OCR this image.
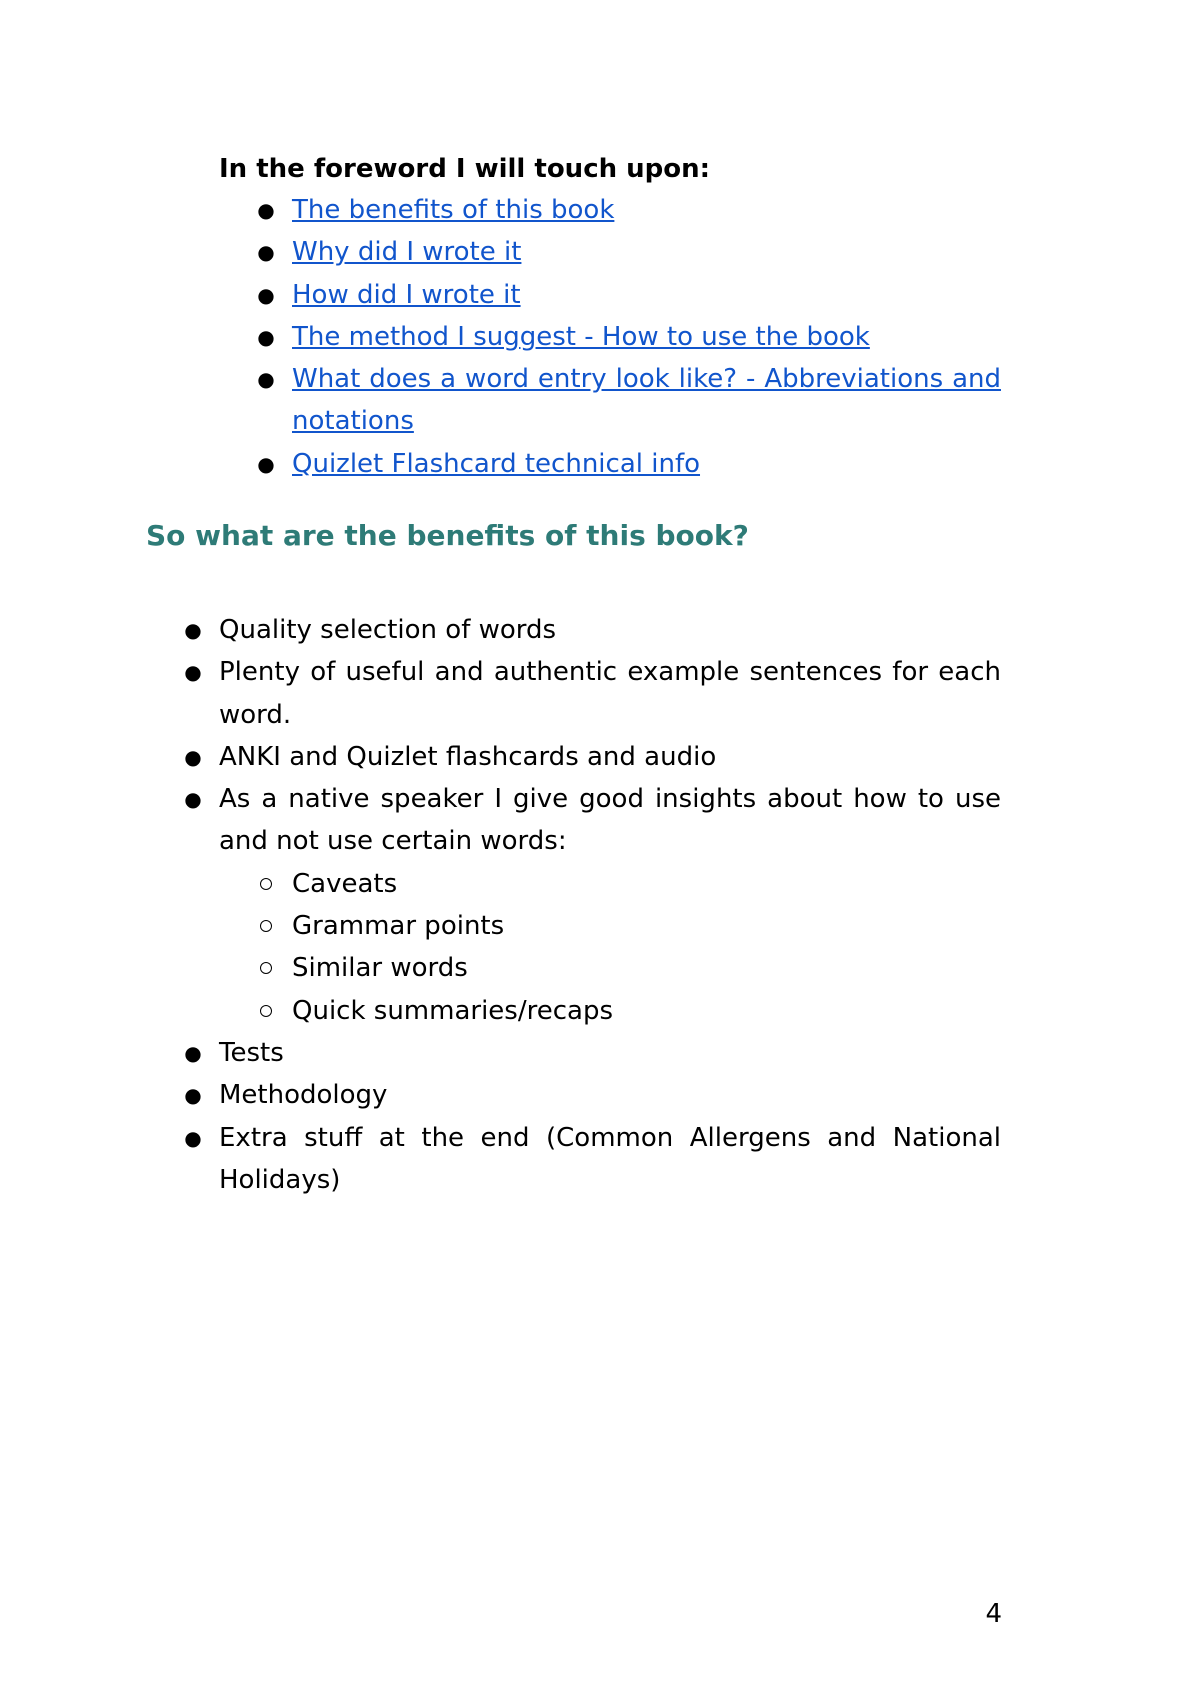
In the foreword I will touch upon:

● The benefits of this book
● Why did I wrote it
● How did I wrote it
● The method I suggest - How to use the book
● What does a word entry look like? - Abbreviations and notations
● Quizlet Flashcard technical info
So what are the benefits of this book?
● Quality selection of words
● Plenty of useful and authentic example sentences for each word.
● ANKI and Quizlet flashcards and audio
● As a native speaker I give good insights about how to use and not use certain words:
Caveats
Grammar points
Similar words
Quick summaries/recaps
● Tests
● Methodology
● Extra stuff at the end (Common Allergens and National Holidays)
4
